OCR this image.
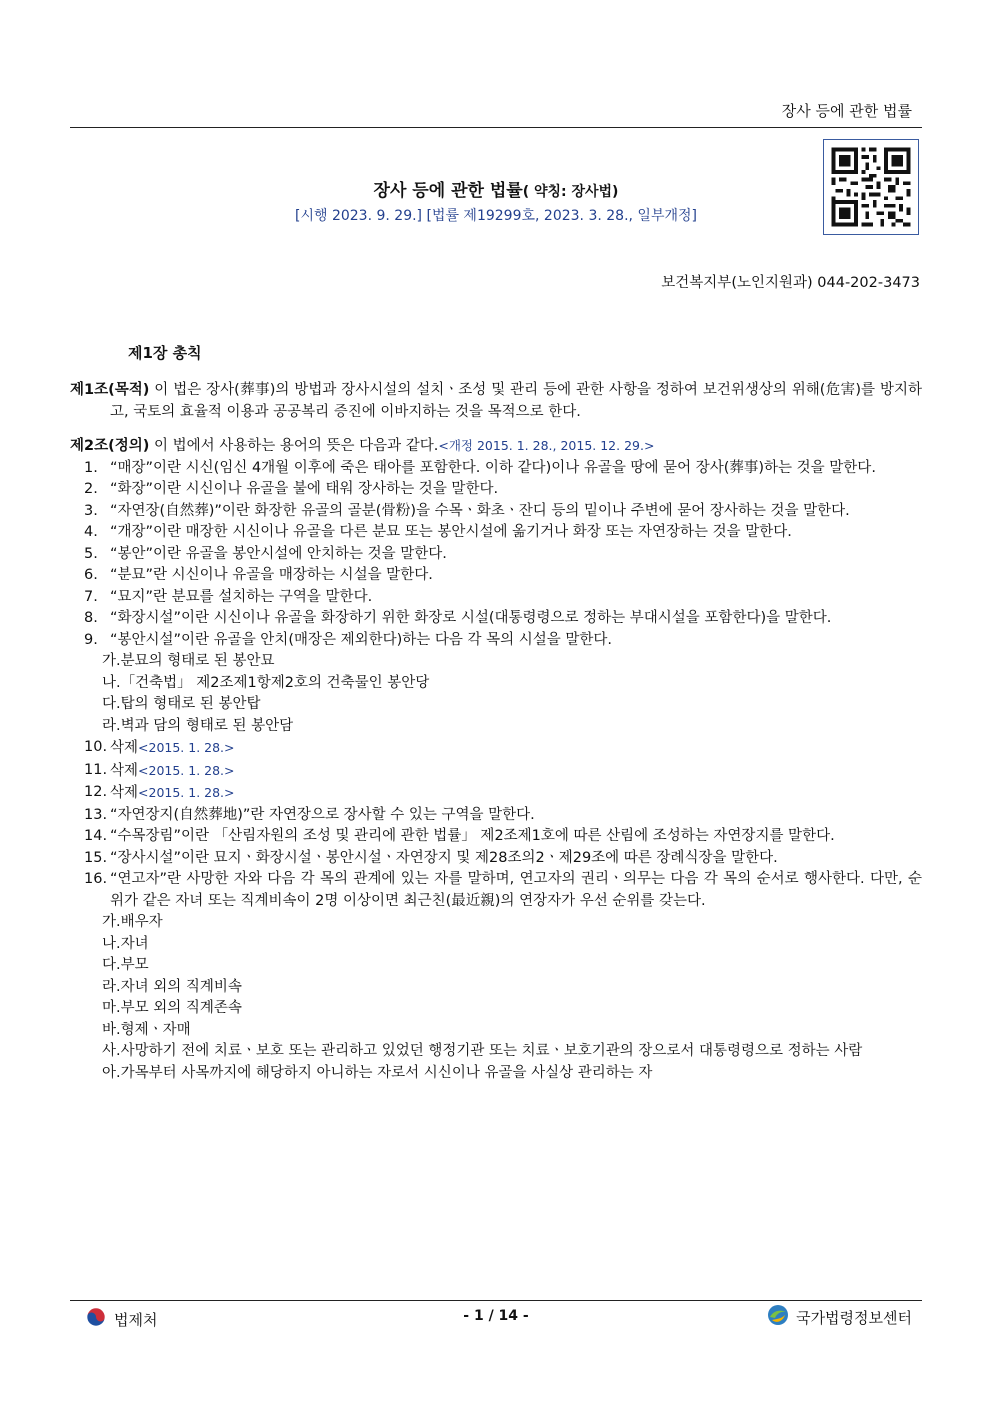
장사 등에 관한 법률
장사 등에 관한 법률( 약칭: 장사법)
[시행 2023. 9. 29.] [법률 제19299호, 2023. 3. 28., 일부개정]
보건복지부(노인지원과) 044-202-3473
제1장 총칙

제1조(목적) 이 법은 장사(葬事)의 방법과 장사시설의 설치ㆍ조성 및 관리 등에 관한 사항을 정하여 보건위생상의 위해(危害)를 방지하고, 국토의 효율적 이용과 공공복리 증진에 이바지하는 것을 목적으로 한다.

제2조(정의) 이 법에서 사용하는 용어의 뜻은 다음과 같다.<개정 2015. 1. 28., 2015. 12. 29.>
1. “매장”이란 시신(임신 4개월 이후에 죽은 태아를 포함한다. 이하 같다)이나 유골을 땅에 묻어 장사(葬事)하는 것을 말한다.
2. “화장”이란 시신이나 유골을 불에 태워 장사하는 것을 말한다.
3. “자연장(自然葬)”이란 화장한 유골의 골분(骨粉)을 수목ㆍ화초ㆍ잔디 등의 밑이나 주변에 묻어 장사하는 것을 말한다.
4. “개장”이란 매장한 시신이나 유골을 다른 분묘 또는 봉안시설에 옮기거나 화장 또는 자연장하는 것을 말한다.
5. “봉안”이란 유골을 봉안시설에 안치하는 것을 말한다.
6. “분묘”란 시신이나 유골을 매장하는 시설을 말한다.
7. “묘지”란 분묘를 설치하는 구역을 말한다.
8. “화장시설”이란 시신이나 유골을 화장하기 위한 화장로 시설(대통령령으로 정하는 부대시설을 포함한다)을 말한다.
9. “봉안시설”이란 유골을 안치(매장은 제외한다)하는 다음 각 목의 시설을 말한다.
가.분묘의 형태로 된 봉안묘
나.「건축법」 제2조제1항제2호의 건축물인 봉안당
다.탑의 형태로 된 봉안탑
라.벽과 담의 형태로 된 봉안담
10. 삭제<2015. 1. 28.>
11. 삭제<2015. 1. 28.>
12. 삭제<2015. 1. 28.>
13. “자연장지(自然葬地)”란 자연장으로 장사할 수 있는 구역을 말한다.
14. “수목장림”이란 「산림자원의 조성 및 관리에 관한 법률」 제2조제1호에 따른 산림에 조성하는 자연장지를 말한다.
15. “장사시설”이란 묘지ㆍ화장시설ㆍ봉안시설ㆍ자연장지 및 제28조의2ㆍ제29조에 따른 장례식장을 말한다.
16. “연고자”란 사망한 자와 다음 각 목의 관계에 있는 자를 말하며, 연고자의 권리ㆍ의무는 다음 각 목의 순서로 행사한다. 다만, 순위가 같은 자녀 또는 직계비속이 2명 이상이면 최근친(最近親)의 연장자가 우선 순위를 갖는다.
가.배우자
나.자녀
다.부모
라.자녀 외의 직계비속
마.부모 외의 직계존속
바.형제ㆍ자매
사.사망하기 전에 치료ㆍ보호 또는 관리하고 있었던 행정기관 또는 치료ㆍ보호기관의 장으로서 대통령령으로 정하는 사람
아.가목부터 사목까지에 해당하지 아니하는 자로서 시신이나 유골을 사실상 관리하는 자
법제처	- 1 / 14 -	국가법령정보센터
